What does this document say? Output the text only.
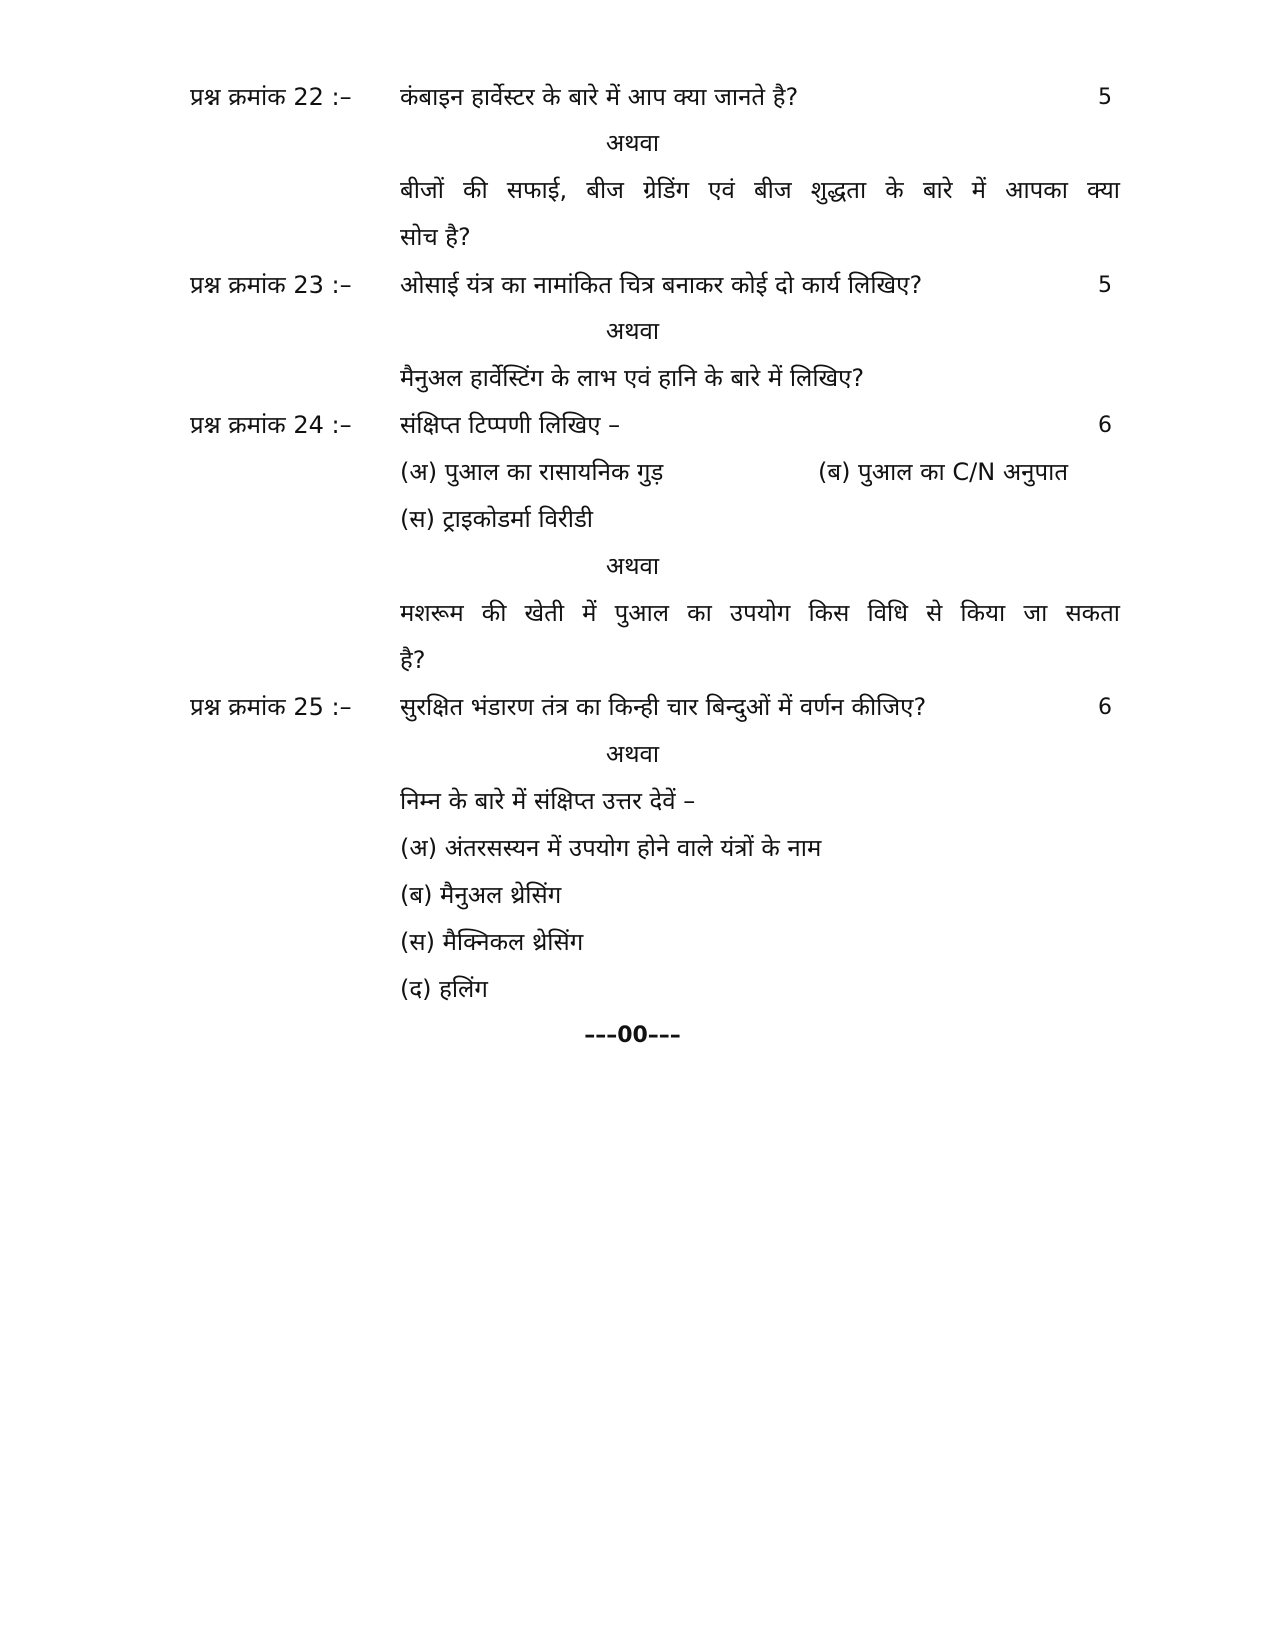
प्रश्न क्रमांक 22 :– कंबाइन हार्वेस्टर के बारे में आप क्या जानते है?	5
अथवा
बीजों की सफाई, बीज ग्रेडिंग एवं बीज शुद्धता के बारे में आपका क्या
सोच है?
प्रश्न क्रमांक 23 :– ओसाई यंत्र का नामांकित चित्र बनाकर कोई दो कार्य लिखिए?	5
अथवा
मैनुअल हार्वेस्टिंग के लाभ एवं हानि के बारे में लिखिए?
प्रश्न क्रमांक 24 :– संक्षिप्त टिप्पणी लिखिए –	6
(अ) पुआल का रासायनिक गुड़	(ब) पुआल का C/N अनुपात
(स) ट्राइकोडर्मा विरीडी
अथवा
मशरूम की खेती में पुआल का उपयोग किस विधि से किया जा सकता
है?
प्रश्न क्रमांक 25 :– सुरक्षित भंडारण तंत्र का किन्ही चार बिन्दुओं में वर्णन कीजिए?	6
अथवा
निम्न के बारे में संक्षिप्त उत्तर देवें –
(अ) अंतरसस्यन में उपयोग होने वाले यंत्रों के नाम
(ब) मैनुअल थ्रेसिंग
(स) मैक्निकल थ्रेसिंग
(द) हलिंग
–––00–––
